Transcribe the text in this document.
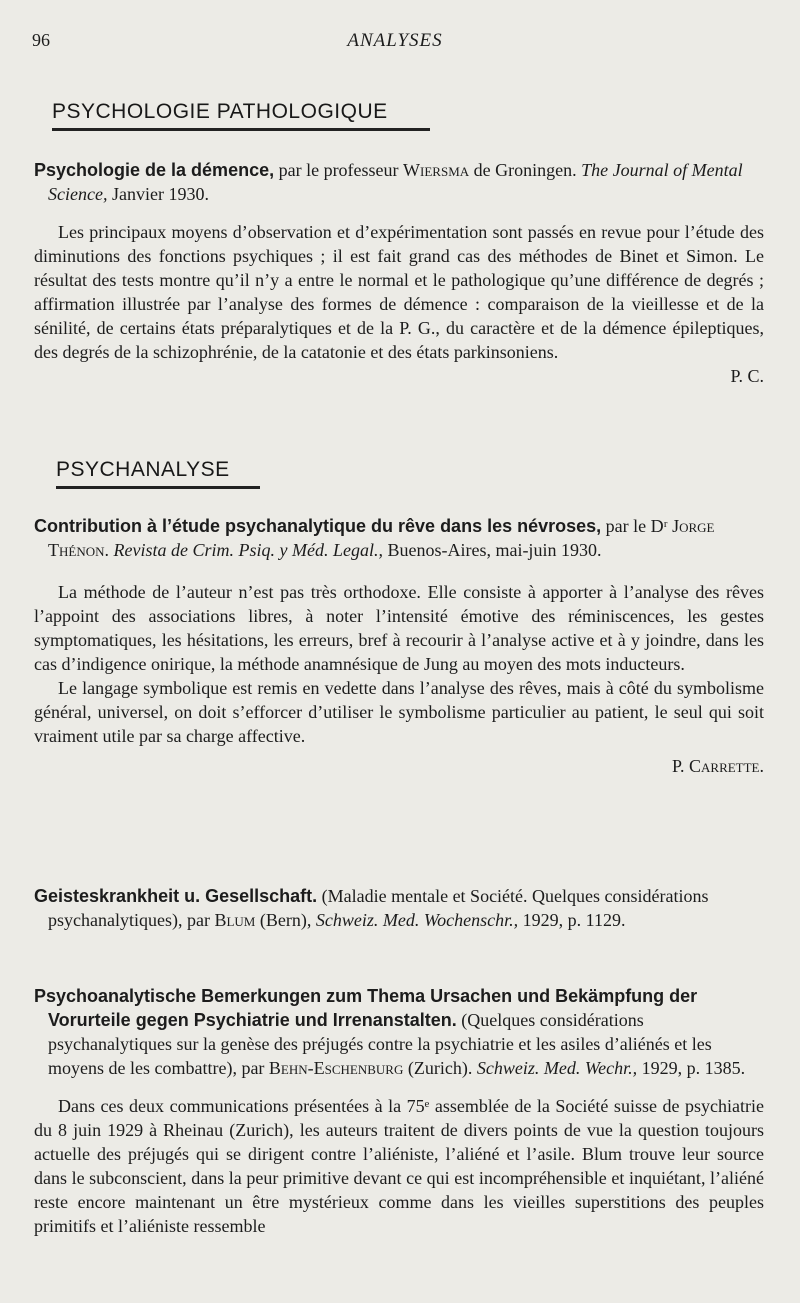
96	ANALYSES
PSYCHOLOGIE PATHOLOGIQUE

Psychologie de la démence, par le professeur Wiersma de Groningen. The Journal of Mental Science, Janvier 1930.

Les principaux moyens d’observation et d’expérimentation sont passés en revue pour l’étude des diminutions des fonctions psychiques ; il est fait grand cas des méthodes de Binet et Simon. Le résultat des tests montre qu’il n’y a entre le normal et le pathologique qu’une différence de degrés ; affirmation illustrée par l’analyse des formes de démence : comparaison de la vieillesse et de la sénilité, de certains états préparalytiques et de la P. G., du caractère et de la démence épileptiques, des degrés de la schizophrénie, de la catatonie et des états parkinsoniens.

P. C.

PSYCHANALYSE

Contribution à l’étude psychanalytique du rêve dans les névroses, par le Dʳ Jorge Thénon. Revista de Crim. Psiq. y Méd. Legal., Buenos-Aires, mai-juin 1930.

La méthode de l’auteur n’est pas très orthodoxe. Elle consiste à apporter à l’analyse des rêves l’appoint des associations libres, à noter l’intensité émotive des réminiscences, les gestes symptomatiques, les hésitations, les erreurs, bref à recourir à l’analyse active et à y joindre, dans les cas d’indigence onirique, la méthode anamnésique de Jung au moyen des mots inducteurs.

Le langage symbolique est remis en vedette dans l’analyse des rêves, mais à côté du symbolisme général, universel, on doit s’efforcer d’utiliser le symbolisme particulier au patient, le seul qui soit vraiment utile par sa charge affective.

P. Carrette.

Geisteskrankheit u. Gesellschaft. (Maladie mentale et Société. Quelques considérations psychanalytiques), par Blum (Bern), Schweiz. Med. Wochenschr., 1929, p. 1129.

Psychoanalytische Bemerkungen zum Thema Ursachen und Bekämpfung der Vorurteile gegen Psychiatrie und Irrenanstalten. (Quelques considérations psychanalytiques sur la genèse des préjugés contre la psychiatrie et les asiles d’aliénés et les moyens de les combattre), par Behn-Eschenburg (Zurich). Schweiz. Med. Wechr., 1929, p. 1385.

Dans ces deux communications présentées à la 75ᵉ assemblée de la Société suisse de psychiatrie du 8 juin 1929 à Rheinau (Zurich), les auteurs traitent de divers points de vue la question toujours actuelle des préjugés qui se dirigent contre l’aliéniste, l’aliéné et l’asile. Blum trouve leur source dans le subconscient, dans la peur primitive devant ce qui est incompréhensible et inquiétant, l’aliéné reste encore maintenant un être mystérieux comme dans les vieilles superstitions des peuples primitifs et l’aliéniste ressemble
